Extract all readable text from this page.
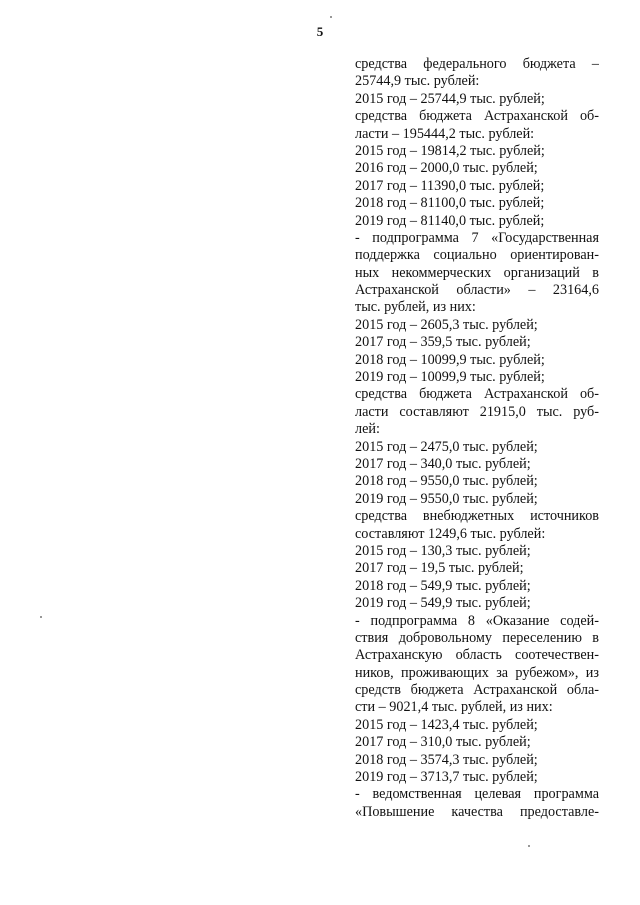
5
средства федерального бюджета –
25744,9 тыс. рублей:
2015 год – 25744,9 тыс. рублей;
средства бюджета Астраханской об-
ласти – 195444,2 тыс. рублей:
2015 год – 19814,2 тыс. рублей;
2016 год – 2000,0 тыс. рублей;
2017 год – 11390,0 тыс. рублей;
2018 год – 81100,0 тыс. рублей;
2019 год – 81140,0 тыс. рублей;
- подпрограмма 7 «Государственная
поддержка социально ориентирован-
ных некоммерческих организаций в
Астраханской области» – 23164,6
тыс. рублей, из них:
2015 год – 2605,3 тыс. рублей;
2017 год – 359,5 тыс. рублей;
2018 год – 10099,9 тыс. рублей;
2019 год – 10099,9 тыс. рублей;
средства бюджета Астраханской об-
ласти составляют 21915,0 тыс. руб-
лей:
2015 год – 2475,0 тыс. рублей;
2017 год – 340,0 тыс. рублей;
2018 год – 9550,0 тыс. рублей;
2019 год – 9550,0 тыс. рублей;
средства внебюджетных источников
составляют 1249,6 тыс. рублей:
2015 год – 130,3 тыс. рублей;
2017 год – 19,5 тыс. рублей;
2018 год – 549,9 тыс. рублей;
2019 год – 549,9 тыс. рублей;
- подпрограмма 8 «Оказание содей-
ствия добровольному переселению в
Астраханскую область соотечествен-
ников, проживающих за рубежом», из
средств бюджета Астраханской обла-
сти – 9021,4 тыс. рублей, из них:
2015 год – 1423,4 тыс. рублей;
2017 год – 310,0 тыс. рублей;
2018 год – 3574,3 тыс. рублей;
2019 год – 3713,7 тыс. рублей;
- ведомственная целевая программа
«Повышение качества предоставле-
